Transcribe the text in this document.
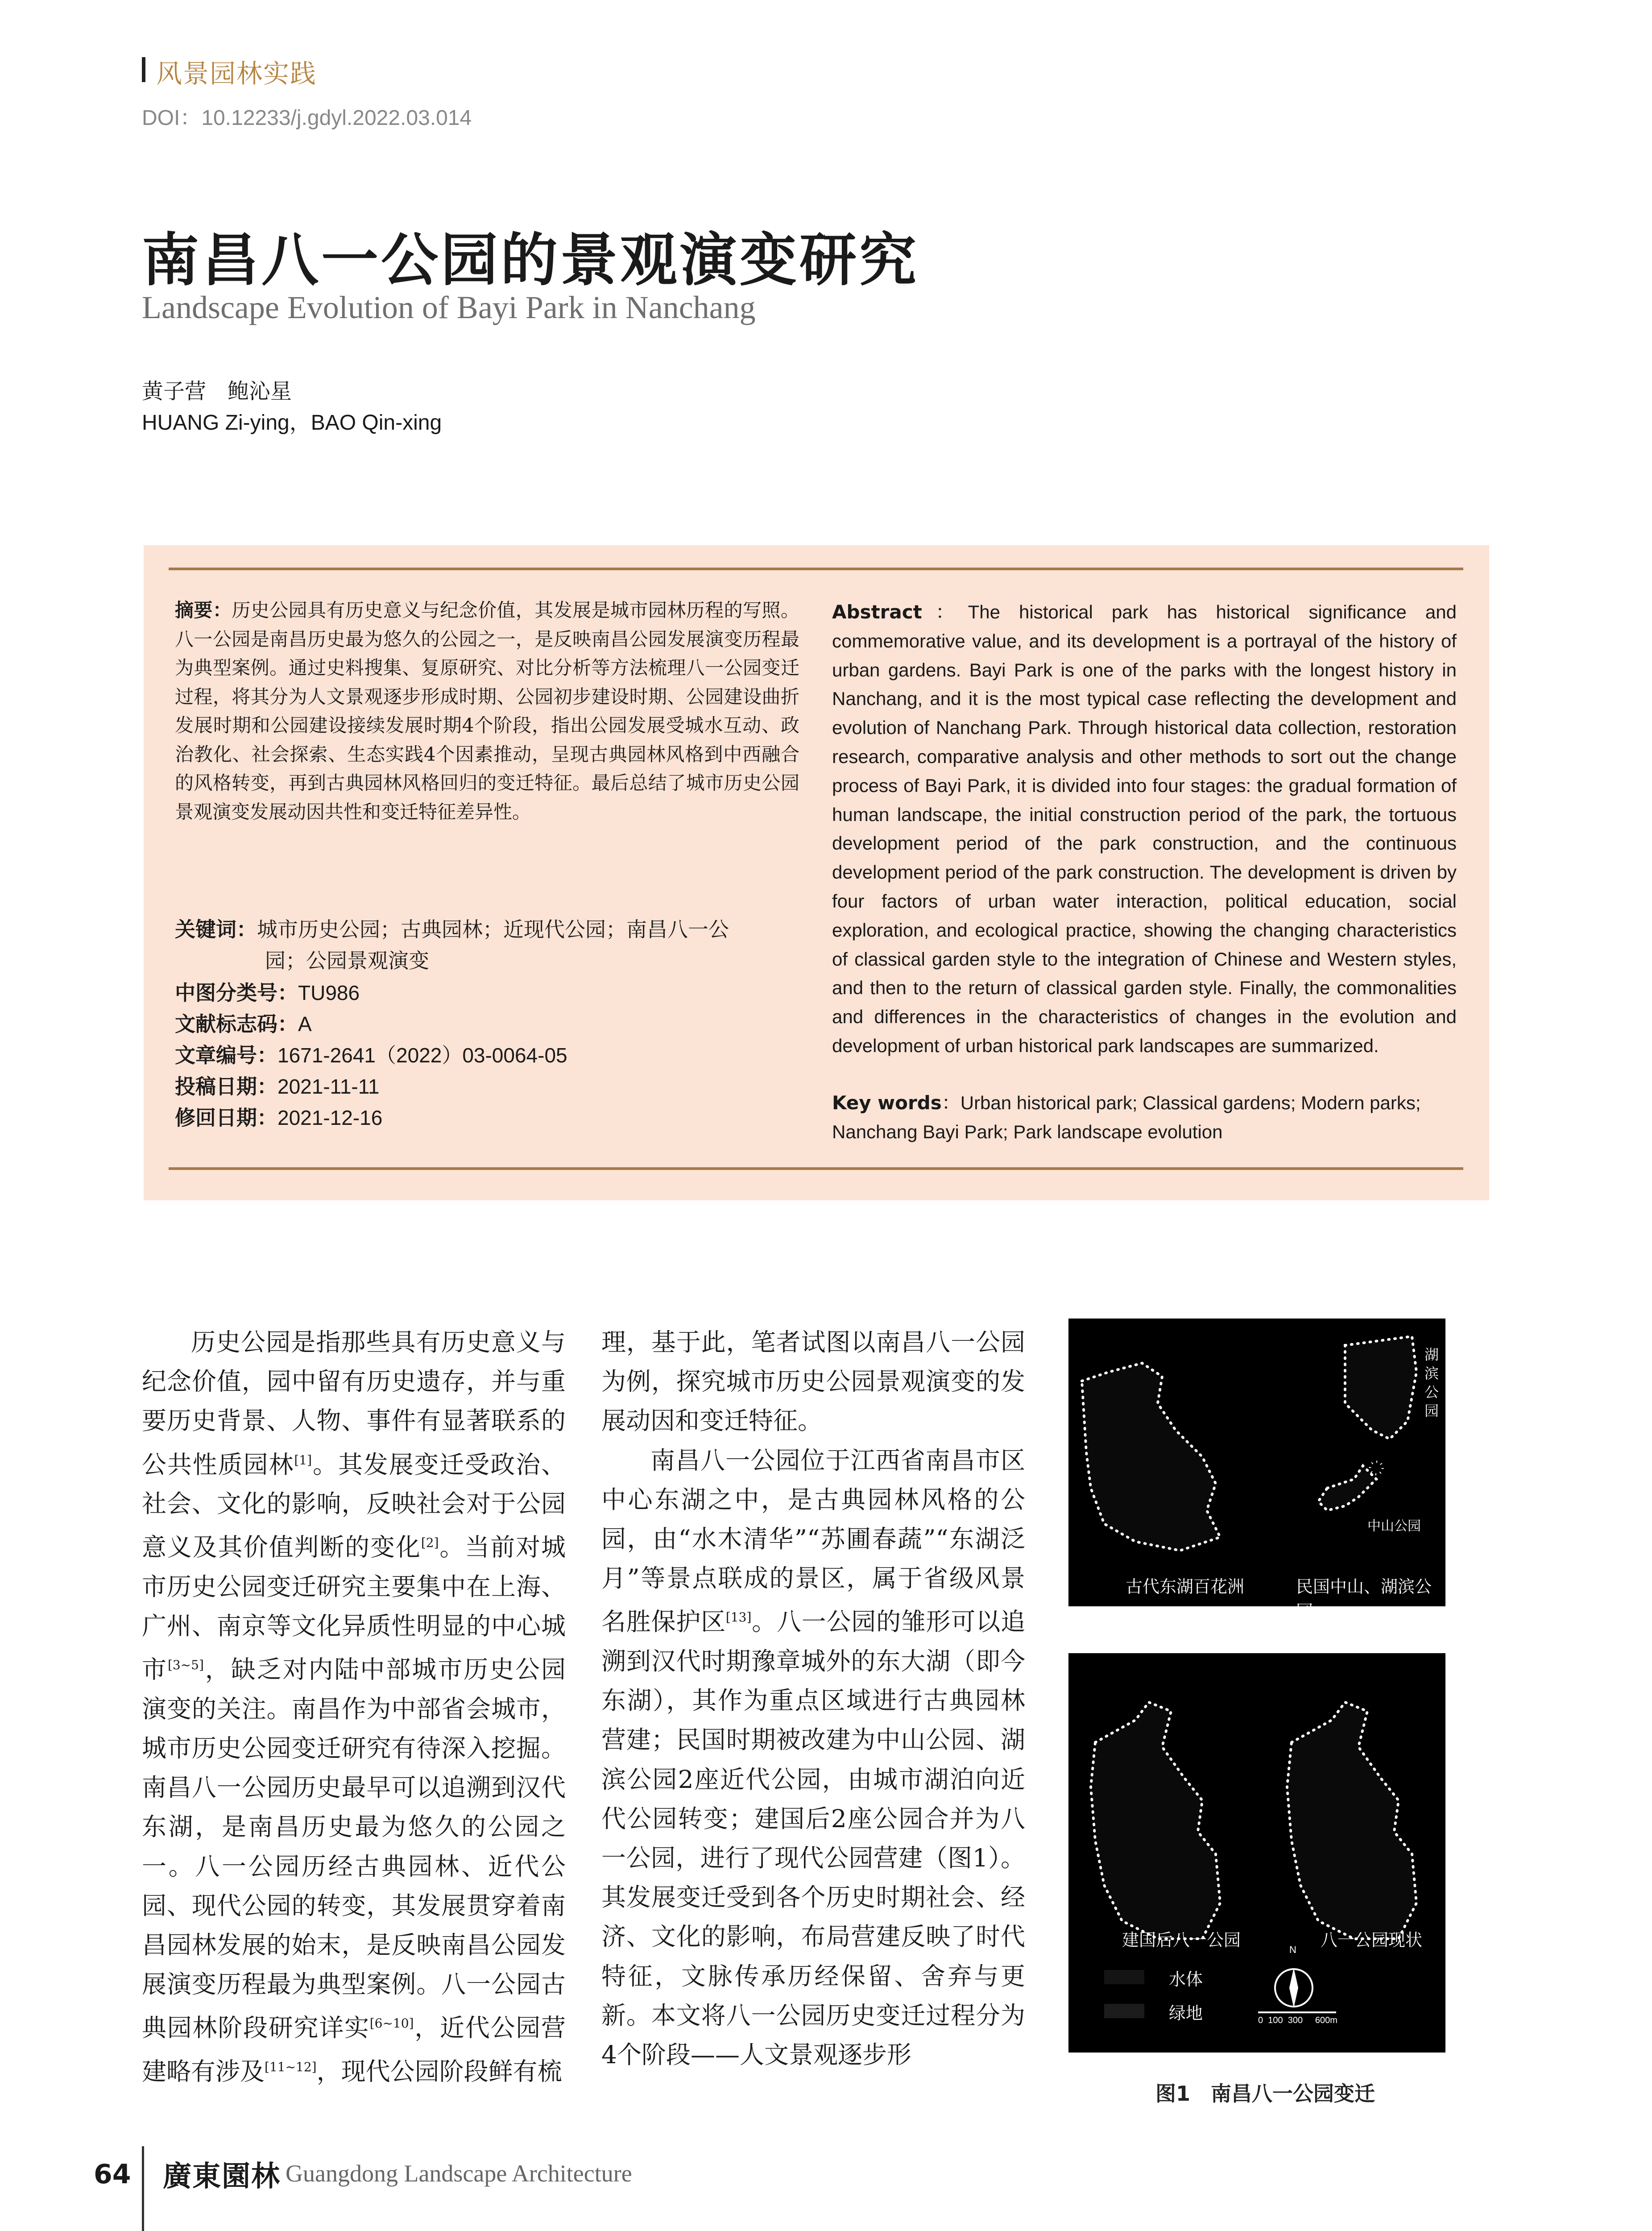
风景园林实践
DOI：10.12233/j.gdyl.2022.03.014
南昌八一公园的景观演变研究
Landscape Evolution of Bayi Park in Nanchang
黄子营　鲍沁星
HUANG Zi-ying，BAO Qin-xing
摘要：历史公园具有历史意义与纪念价值，其发展是城市园林历程的写照。八一公园是南昌历史最为悠久的公园之一，是反映南昌公园发展演变历程最为典型案例。通过史料搜集、复原研究、对比分析等方法梳理八一公园变迁过程，将其分为人文景观逐步形成时期、公园初步建设时期、公园建设曲折发展时期和公园建设接续发展时期4个阶段，指出公园发展受城水互动、政治教化、社会探索、生态实践4个因素推动，呈现古典园林风格到中西融合的风格转变，再到古典园林风格回归的变迁特征。最后总结了城市历史公园景观演变发展动因共性和变迁特征差异性。
关键词：城市历史公园；古典园林；近现代公园；南昌八一公
园；公园景观演变
中图分类号：TU986
文献标志码：A
文章编号：1671-2641（2022）03-0064-05
投稿日期：2021-11-11
修回日期：2021-12-16
Abstract：The historical park has historical significance and commemorative value, and its development is a portrayal of the history of urban gardens. Bayi Park is one of the parks with the longest history in Nanchang, and it is the most typical case reflecting the development and evolution of Nanchang Park. Through historical data collection, restoration research, comparative analysis and other methods to sort out the change process of Bayi Park, it is divided into four stages: the gradual formation of human landscape, the initial construction period of the park, the tortuous development period of the park construction, and the continuous development period of the park construction. The development is driven by four factors of urban water interaction, political education, social exploration, and ecological practice, showing the changing characteristics of classical garden style to the integration of Chinese and Western styles, and then to the return of classical garden style. Finally, the commonalities and differences in the characteristics of changes in the evolution and development of urban historical park landscapes are summarized.
Key words：Urban historical park; Classical gardens; Modern parks; Nanchang Bayi Park; Park landscape evolution

历史公园是指那些具有历史意义与纪念价值，园中留有历史遗存，并与重要历史背景、人物、事件有显著联系的公共性质园林[1]。其发展变迁受政治、社会、文化的影响，反映社会对于公园意义及其价值判断的变化[2]。当前对城市历史公园变迁研究主要集中在上海、广州、南京等文化异质性明显的中心城市[3~5]，缺乏对内陆中部城市历史公园演变的关注。南昌作为中部省会城市，城市历史公园变迁研究有待深入挖掘。南昌八一公园历史最早可以追溯到汉代东湖，是南昌历史最为悠久的公园之一。八一公园历经古典园林、近代公园、现代公园的转变，其发展贯穿着南昌园林发展的始末，是反映南昌公园发展演变历程最为典型案例。八一公园古典园林阶段研究详实[6~10]，近代公园营建略有涉及[11~12]，现代公园阶段鲜有梳

理，基于此，笔者试图以南昌八一公园为例，探究城市历史公园景观演变的发展动因和变迁特征。

南昌八一公园位于江西省南昌市区中心东湖之中，是古典园林风格的公园，由“水木清华”“苏圃春蔬”“东湖泛月”等景点联成的景区，属于省级风景名胜保护区[13]。八一公园的雏形可以追溯到汉代时期豫章城外的东大湖（即今东湖），其作为重点区域进行古典园林营建；民国时期被改建为中山公园、湖滨公园2座近代公园，由城市湖泊向近代公园转变；建国后2座公园合并为八一公园，进行了现代公园营建（图1）。其发展变迁受到各个历史时期社会、经济、文化的影响，布局营建反映了时代特征，文脉传承历经保留、舍弃与更新。本文将八一公园历史变迁过程分为4个阶段——人文景观逐步形

湖滨公园
中山公园
古代东湖百花洲	民国中山、湖滨公园
建国后八一公园	八一公园现状
水体
绿地
N
0  100  300     600m
图1　南昌八一公园变迁
64 廣東園林 Guangdong Landscape Architecture
